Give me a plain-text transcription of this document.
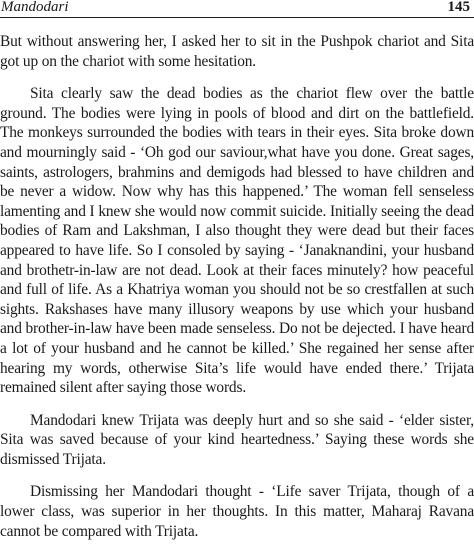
Mandodari	145

But without answering her, I asked her to sit in the Pushpok chariot and Sita got up on the chariot with some hesitation.

Sita clearly saw the dead bodies as the chariot flew over the battle ground. The bodies were lying in pools of blood and dirt on the battlefield. The monkeys surrounded the bodies with tears in their eyes. Sita broke down and mourningly said - ‘Oh god our saviour,what have you done. Great sages, saints, astrologers, brahmins and demigods had blessed to have children and be never a widow. Now why has this happened.’ The woman fell senseless lamenting and I knew she would now commit suicide. Initially seeing the dead bodies of Ram and Lakshman, I also thought they were dead but their faces appeared to have life. So I consoled by saying - ‘Janaknandini, your husband and brothetr-in-law are not dead. Look at their faces minutely? how peaceful and full of life. As a Khatriya woman you should not be so crestfallen at such sights. Rakshases have many illusory weapons by use which your husband and brother-in-law have been made senseless. Do not be dejected. I have heard a lot of your husband and he cannot be killed.’ She regained her sense after hearing my words, otherwise Sita’s life would have ended there.’ Trijata remained silent after saying those words.

Mandodari knew Trijata was deeply hurt and so she said - ‘elder sister, Sita was saved because of your kind heartedness.’ Saying these words she dismissed Trijata.

Dismissing her Mandodari thought - ‘Life saver Trijata, though of a lower class, was superior in her thoughts. In this matter, Maharaj Ravana cannot be compared with Trijata.
